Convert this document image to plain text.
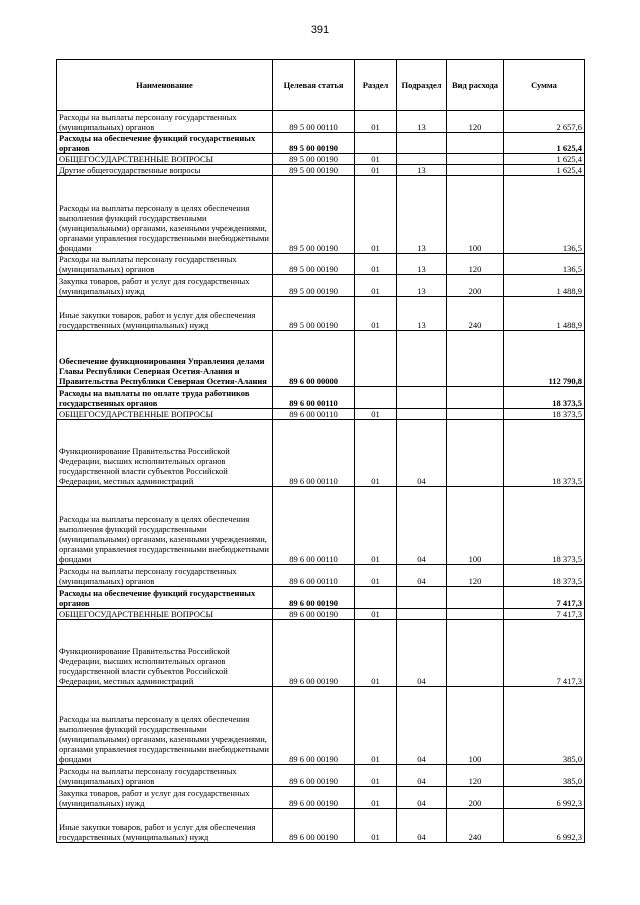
391
Наименование	Целевая статья	Раздел	Подраздел	Вид расхода	Сумма
Расходы на выплаты персоналу государственных (муниципальных) органов	89 5 00 00110	01	13	120	2 657,6
Расходы на обеспечение функций государственных органов	89 5 00 00190				1 625,4
ОБЩЕГОСУДАРСТВЕННЫЕ ВОПРОСЫ	89 5 00 00190	01			1 625,4
Другие общегосударственные вопросы	89 5 00 00190	01	13		1 625,4
Расходы на выплаты персоналу в целях обеспечения выполнения функций государственными (муниципальными) органами, казенными учреждениями, органами управления государственными внебюджетными фондами	89 5 00 00190	01	13	100	136,5
Расходы на выплаты персоналу государственных (муниципальных) органов	89 5 00 00190	01	13	120	136,5
Закупка товаров, работ и услуг для государственных (муниципальных) нужд	89 5 00 00190	01	13	200	1 488,9
Иные закупки товаров, работ и услуг для обеспечения государственных (муниципальных) нужд	89 5 00 00190	01	13	240	1 488,9
Обеспечение функционирования Управления делами Главы Республики Северная Осетия-Алания и Правительства Республики Северная Осетия-Алания	89 6 00 00000				112 790,8
Расходы на выплаты по оплате труда работников государственных органов	89 6 00 00110				18 373,5
ОБЩЕГОСУДАРСТВЕННЫЕ ВОПРОСЫ	89 6 00 00110	01			18 373,5
Функционирование Правительства Российской Федерации, высших исполнительных органов государственной власти субъектов Российской Федерации, местных администраций	89 6 00 00110	01	04		18 373,5
Расходы на выплаты персоналу в целях обеспечения выполнения функций государственными (муниципальными) органами, казенными учреждениями, органами управления государственными внебюджетными фондами	89 6 00 00110	01	04	100	18 373,5
Расходы на выплаты персоналу государственных (муниципальных) органов	89 6 00 00110	01	04	120	18 373,5
Расходы на обеспечение функций государственных органов	89 6 00 00190				7 417,3
ОБЩЕГОСУДАРСТВЕННЫЕ ВОПРОСЫ	89 6 00 00190	01			7 417,3
Функционирование Правительства Российской Федерации, высших исполнительных органов государственной власти субъектов Российской Федерации, местных администраций	89 6 00 00190	01	04		7 417,3
Расходы на выплаты персоналу в целях обеспечения выполнения функций государственными (муниципальными) органами, казенными учреждениями, органами управления государственными внебюджетными фондами	89 6 00 00190	01	04	100	385,0
Расходы на выплаты персоналу государственных (муниципальных) органов	89 6 00 00190	01	04	120	385,0
Закупка товаров, работ и услуг для государственных (муниципальных) нужд	89 6 00 00190	01	04	200	6 992,3
Иные закупки товаров, работ и услуг для обеспечения государственных (муниципальных) нужд	89 6 00 00190	01	04	240	6 992,3
